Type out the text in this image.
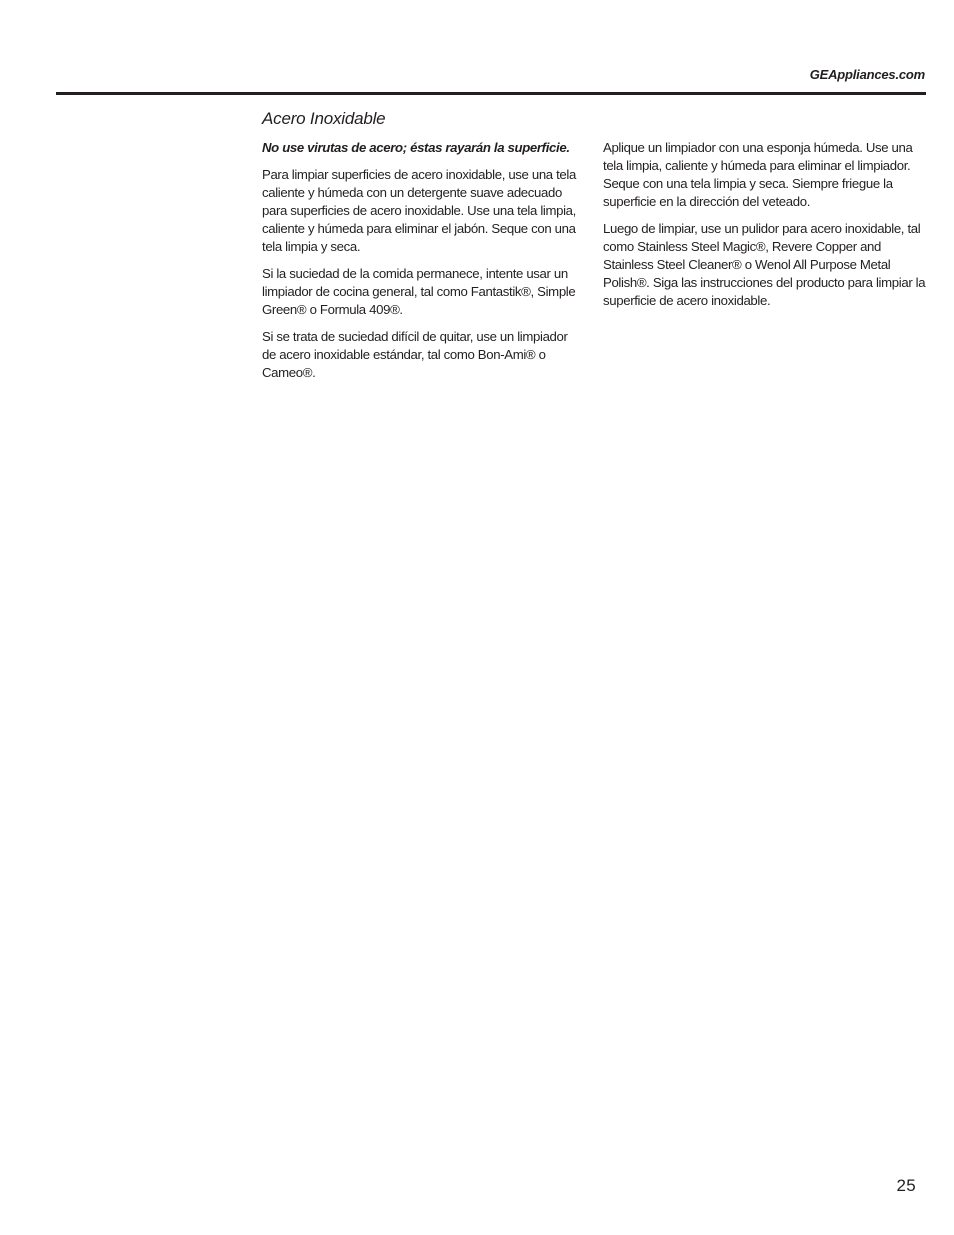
GEAppliances.com
Acero Inoxidable

No use virutas de acero; éstas rayarán la superficie.

Para limpiar superficies de acero inoxidable, use una tela caliente y húmeda con un detergente suave adecuado para superficies de acero inoxidable. Use una tela limpia, caliente y húmeda para eliminar el jabón. Seque con una tela limpia y seca.

Si la suciedad de la comida permanece, intente usar un limpiador de cocina general, tal como Fantastik®, Simple Green® o Formula 409®.

Si se trata de suciedad difícil de quitar, use un limpiador de acero inoxidable estándar, tal como Bon-Ami® o Cameo®.

Aplique un limpiador con una esponja húmeda. Use una tela limpia, caliente y húmeda para eliminar el limpiador. Seque con una tela limpia y seca. Siempre friegue la superficie en la dirección del veteado.

Luego de limpiar, use un pulidor para acero inoxidable, tal como Stainless Steel Magic®, Revere Copper and Stainless Steel Cleaner® o Wenol All Purpose Metal Polish®. Siga las instrucciones del producto para limpiar la superficie de acero inoxidable.

25
